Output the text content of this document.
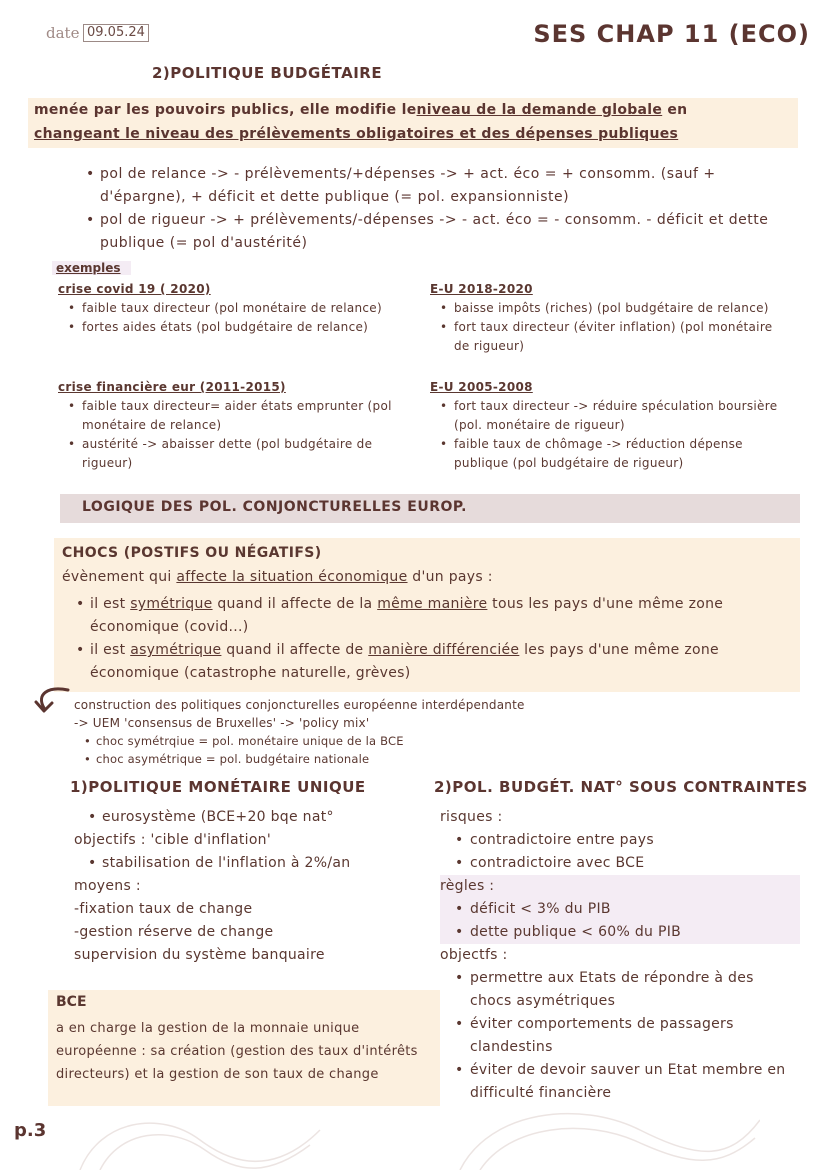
date 09.05.24	SES CHAP 11 (ECO)
2)POLITIQUE BUDGÉTAIRE

menée par les pouvoirs publics, elle modifie leniveau de la demande globale en

changeant le niveau des prélèvements obligatoires et des dépenses publiques

• pol de relance -> - prélèvements/+dépenses -> + act. éco = + consomm. (sauf + d'épargne), + déficit et dette publique (= pol. expansionniste)
• pol de rigueur -> + prélèvements/-dépenses -> - act. éco = - consomm. - déficit et dette publique (= pol d'austérité)
exemples
crise covid 19 ( 2020)
• faible taux directeur (pol monétaire de relance)
• fortes aides états (pol budgétaire de relance)
crise financière eur (2011-2015)
• faible taux directeur= aider états emprunter (pol monétaire de relance)
• austérité -> abaisser dette (pol budgétaire de rigueur)
E-U 2018-2020
• baisse impôts (riches) (pol budgétaire de relance)
• fort taux directeur (éviter inflation) (pol monétaire de rigueur)
E-U 2005-2008
• fort taux directeur -> réduire spéculation boursière (pol. monétaire de rigueur)
• faible taux de chômage -> réduction dépense publique (pol budgétaire de rigueur)
LOGIQUE DES POL. CONJONCTURELLES EUROP.
CHOCS (POSTIFS OU NÉGATIFS)
évènement qui affecte la situation économique d'un pays :
• il est symétrique quand il affecte de la même manière tous les pays d'une même zone économique (covid...)
• il est asymétrique quand il affecte de manière différenciée les pays d'une même zone économique (catastrophe naturelle, grèves)
construction des politiques conjoncturelles européenne interdépendante
-> UEM 'consensus de Bruxelles' -> 'policy mix'
• choc symétrqiue = pol. monétaire unique de la BCE
• choc asymétrique = pol. budgétaire nationale
1)POLITIQUE MONÉTAIRE UNIQUE
• eurosystème (BCE+20 bqe nat°
objectifs : 'cible d'inflation'
• stabilisation de l'inflation à 2%/an
moyens :
-fixation taux de change
-gestion réserve de change
supervision du système banquaire
BCE
a en charge la gestion de la monnaie unique européenne : sa création (gestion des taux d'intérêts directeurs) et la gestion de son taux de change
2)POL. BUDGÉT. NAT° SOUS CONTRAINTES
risques :
• contradictoire entre pays
• contradictoire avec BCE
règles :
• déficit < 3% du PIB
• dette publique < 60% du PIB
objectfs :
• permettre aux Etats de répondre à des chocs asymétriques
• éviter comportements de passagers clandestins
• éviter de devoir sauver un Etat membre en difficulté financière
p.3
